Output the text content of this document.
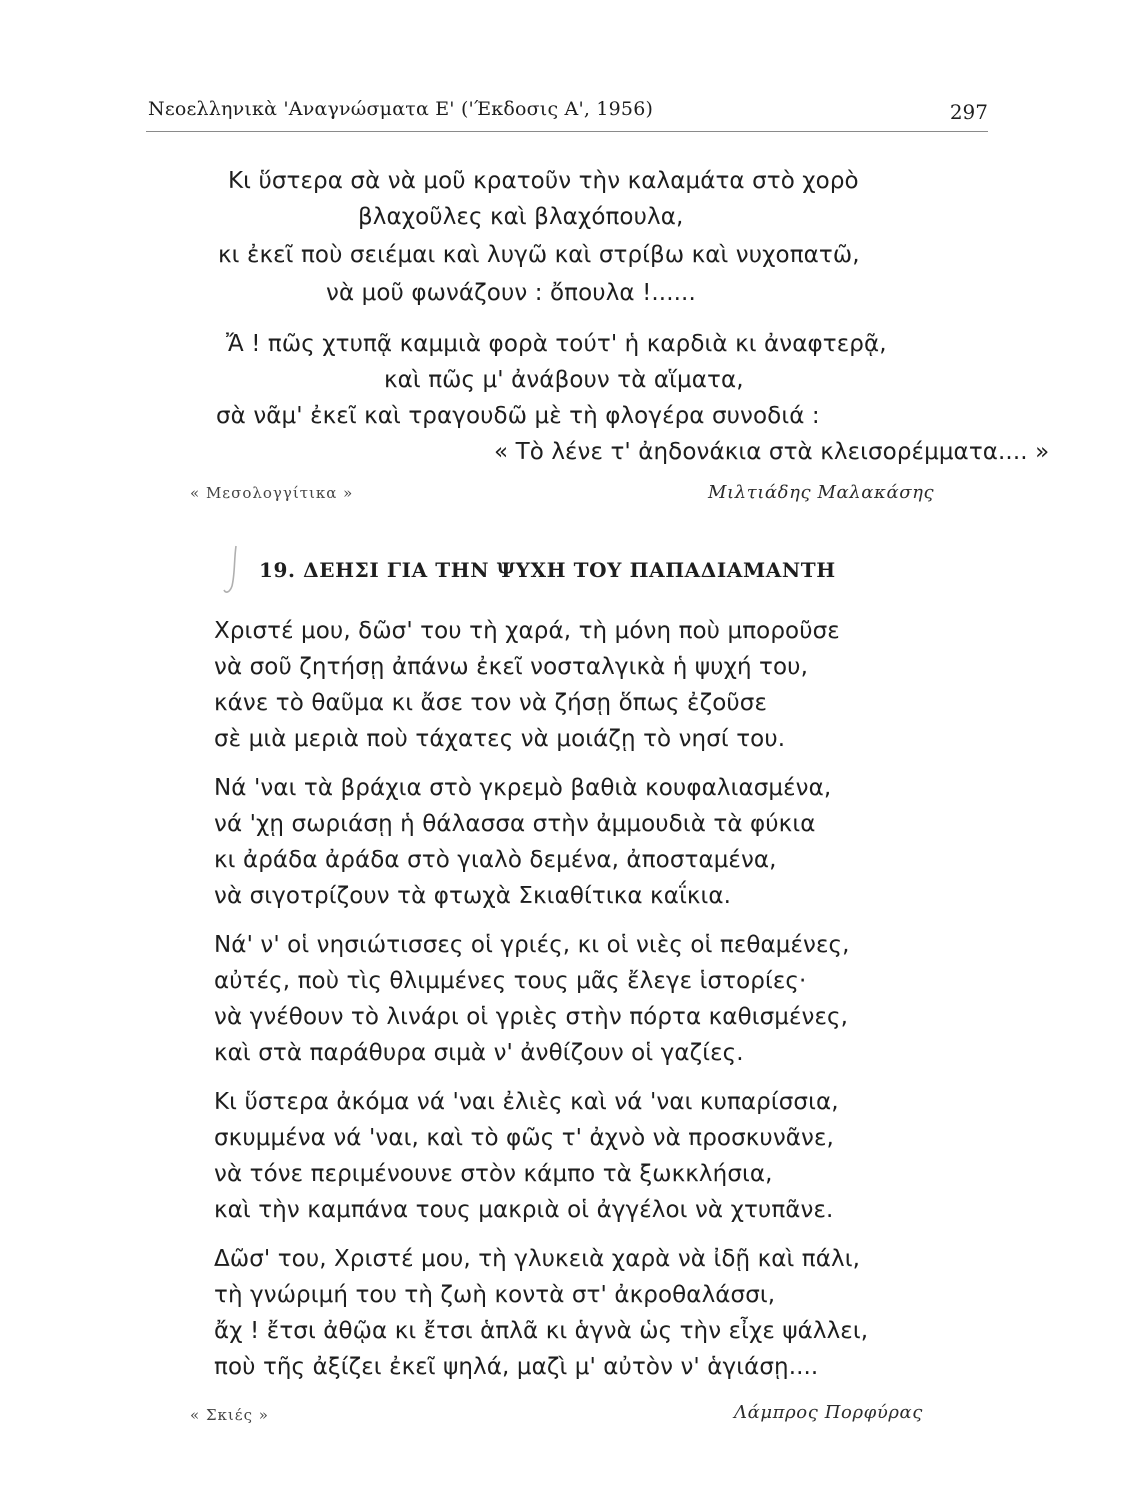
Νεοελληνικὰ 'Αναγνώσματα Ε' ('Έκδοσις Α', 1956)	297
Κι ὕστερα σὰ νὰ μοῦ κρατοῦν τὴν καλαμάτα στὸ χορὸ
βλαχοῦλες καὶ βλαχόπουλα,
κι ἐκεῖ ποὺ σειέμαι καὶ λυγῶ καὶ στρίβω καὶ νυχοπατῶ,
νὰ μοῦ φωνάζουν : ὄπουλα !......
Ἄ ! πῶς χτυπᾷ καμμιὰ φορὰ τούτ' ἡ καρδιὰ κι ἀναφτερᾷ,
καὶ πῶς μ' ἀνάβουν τὰ αἵματα,
σὰ νᾶμ' ἐκεῖ καὶ τραγουδῶ μὲ τὴ φλογέρα συνοδιά :
« Τὸ λένε τ' ἀηδονάκια στὰ κλεισορέμματα.... »
« Μεσολογγίτικα »	Μιλτιάδης Μαλακάσης
19. ΔΕΗΣΙ ΓΙΑ ΤΗΝ ΨΥΧΗ ΤΟΥ ΠΑΠΑΔΙΑΜΑΝΤΗ
Χριστέ μου, δῶσ' του τὴ χαρά, τὴ μόνη ποὺ μποροῦσε
νὰ σοῦ ζητήσῃ ἀπάνω ἐκεῖ νοσταλγικὰ ἡ ψυχή του,
κάνε τὸ θαῦμα κι ἄσε τον νὰ ζήσῃ ὅπως ἐζοῦσε
σὲ μιὰ μεριὰ ποὺ τάχατες νὰ μοιάζῃ τὸ νησί του.
Νά 'ναι τὰ βράχια στὸ γκρεμὸ βαθιὰ κουφαλιασμένα,
νά 'χῃ σωριάσῃ ἡ θάλασσα στὴν ἀμμουδιὰ τὰ φύκια
κι ἀράδα ἀράδα στὸ γιαλὸ δεμένα, ἀποσταμένα,
νὰ σιγοτρίζουν τὰ φτωχὰ Σκιαθίτικα καΐκια.
Νά' ν' οἱ νησιώτισσες οἱ γριές, κι οἱ νιὲς οἱ πεθαμένες,
αὐτές, ποὺ τὶς θλιμμένες τους μᾶς ἔλεγε ἱστορίες·
νὰ γνέθουν τὸ λινάρι οἱ γριὲς στὴν πόρτα καθισμένες,
καὶ στὰ παράθυρα σιμὰ ν' ἀνθίζουν οἱ γαζίες.
Κι ὕστερα ἀκόμα νά 'ναι ἐλιὲς καὶ νά 'ναι κυπαρίσσια,
σκυμμένα νά 'ναι, καὶ τὸ φῶς τ' ἀχνὸ νὰ προσκυνᾶνε,
νὰ τόνε περιμένουνε στὸν κάμπο τὰ ξωκκλήσια,
καὶ τὴν καμπάνα τους μακριὰ οἱ ἀγγέλοι νὰ χτυπᾶνε.
Δῶσ' του, Χριστέ μου, τὴ γλυκειὰ χαρὰ νὰ ἰδῇ καὶ πάλι,
τὴ γνώριμή του τὴ ζωὴ κοντὰ στ' ἀκροθαλάσσι,
ἄχ ! ἔτσι ἀθῷα κι ἔτσι ἁπλᾶ κι ἁγνὰ ὡς τὴν εἶχε ψάλλει,
ποὺ τῆς ἀξίζει ἐκεῖ ψηλά, μαζὶ μ' αὐτὸν ν' ἁγιάσῃ....
« Σκιές »	Λάμπρος Πορφύρας
